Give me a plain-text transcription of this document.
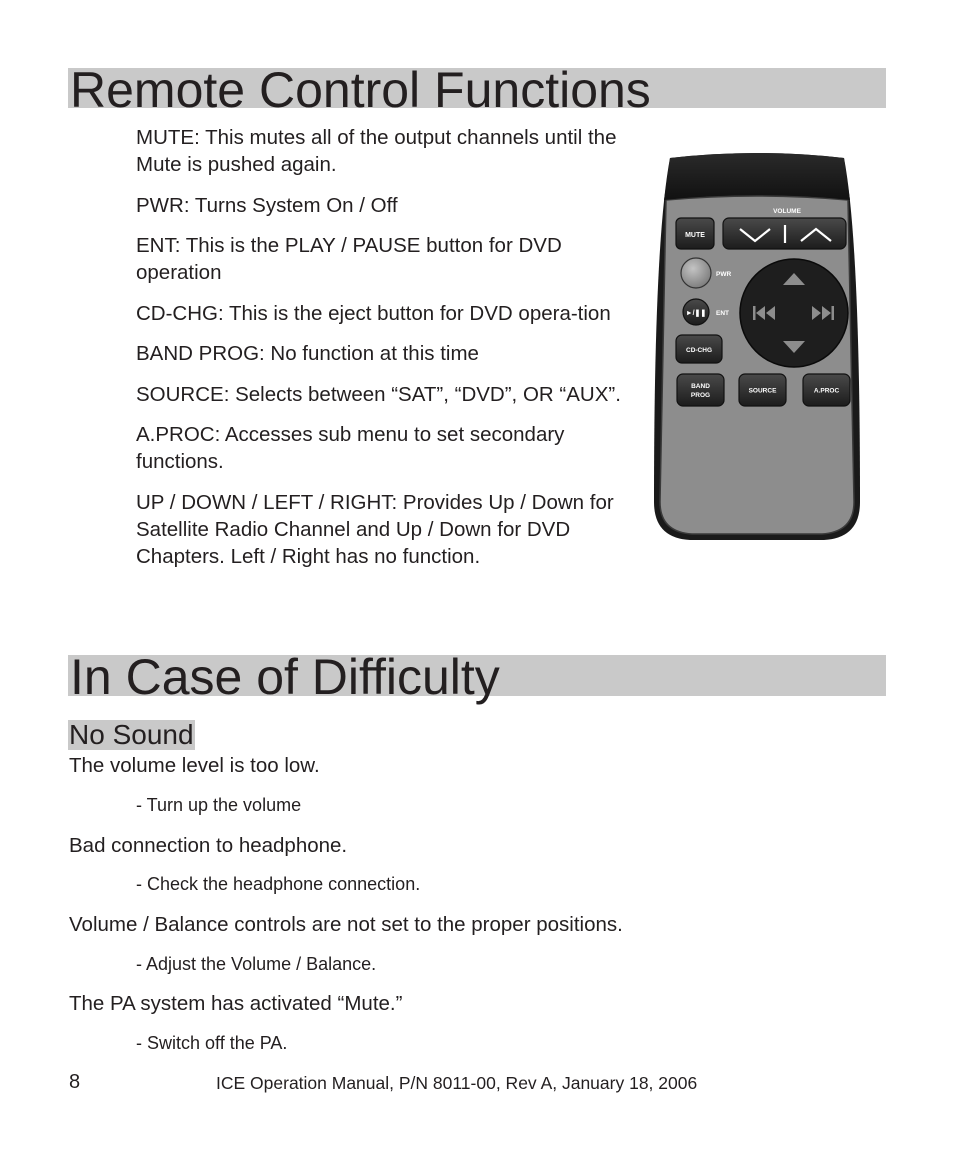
Remote Control Functions

MUTE: This mutes all of the output channels until the Mute is pushed again.

PWR: Turns System On / Off

ENT: This is the PLAY / PAUSE button for DVD operation

CD-CHG: This is the eject button for DVD opera-tion

BAND PROG: No function at this time

SOURCE: Selects between “SAT”, “DVD”, OR “AUX”.

A.PROC: Accesses sub menu to set secondary functions.

UP / DOWN / LEFT / RIGHT: Provides Up / Down for Satellite Radio Channel and Up / Down for DVD Chapters. Left / Right has no function.

MUTE
VOLUME
PWR
►/❚❚ ENT
CD-CHG
BAND
PROG
SOURCE	A.PROC
In Case of Difficulty
No Sound

The volume level is too low.

- Turn up the volume

Bad connection to headphone.

- Check the headphone connection.

Volume / Balance controls are not set to the proper positions.

- Adjust the Volume / Balance.

The PA system has activated “Mute.”

- Switch off the PA.

8	ICE Operation Manual, P/N 8011-00, Rev A, January 18, 2006
